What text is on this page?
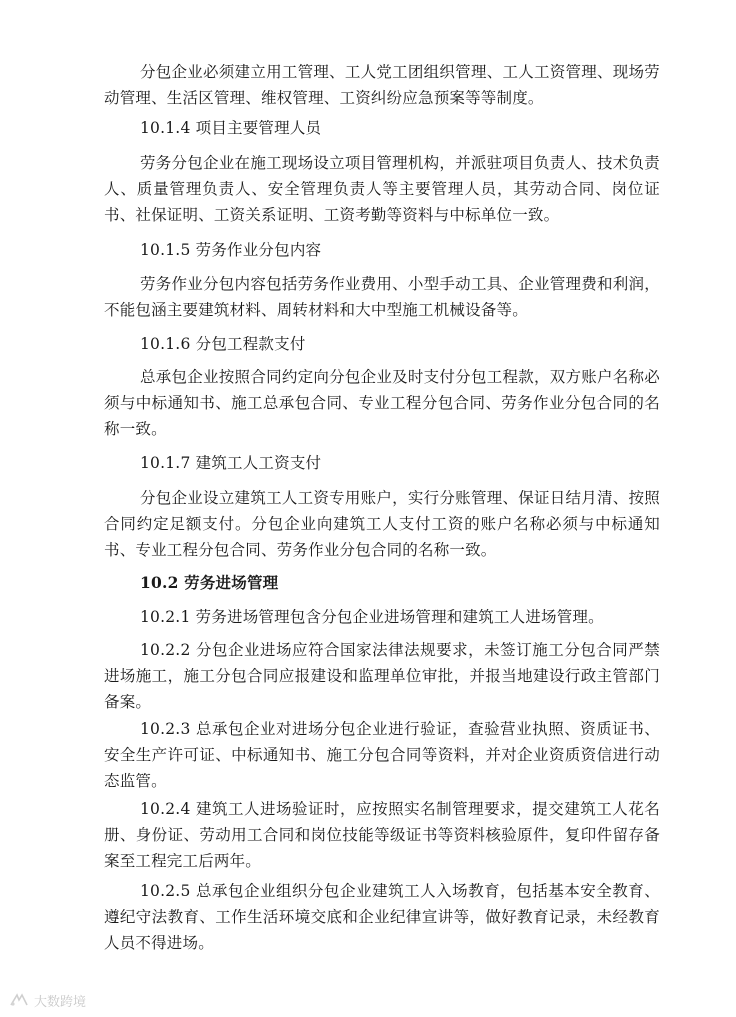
分包企业必须建立用工管理、工人党工团组织管理、工人工资管理、现场劳动管理、生活区管理、维权管理、工资纠纷应急预案等等制度。

10.1.4 项目主要管理人员

劳务分包企业在施工现场设立项目管理机构，并派驻项目负责人、技术负责人、质量管理负责人、安全管理负责人等主要管理人员，其劳动合同、岗位证书、社保证明、工资关系证明、工资考勤等资料与中标单位一致。

10.1.5 劳务作业分包内容

劳务作业分包内容包括劳务作业费用、小型手动工具、企业管理费和利润，不能包涵主要建筑材料、周转材料和大中型施工机械设备等。

10.1.6 分包工程款支付

总承包企业按照合同约定向分包企业及时支付分包工程款，双方账户名称必须与中标通知书、施工总承包合同、专业工程分包合同、劳务作业分包合同的名称一致。

10.1.7 建筑工人工资支付

分包企业设立建筑工人工资专用账户，实行分账管理、保证日结月清、按照合同约定足额支付。分包企业向建筑工人支付工资的账户名称必须与中标通知书、专业工程分包合同、劳务作业分包合同的名称一致。

10.2 劳务进场管理

10.2.1 劳务进场管理包含分包企业进场管理和建筑工人进场管理。

10.2.2 分包企业进场应符合国家法律法规要求，未签订施工分包合同严禁进场施工，施工分包合同应报建设和监理单位审批，并报当地建设行政主管部门备案。

10.2.3 总承包企业对进场分包企业进行验证，查验营业执照、资质证书、安全生产许可证、中标通知书、施工分包合同等资料，并对企业资质资信进行动态监管。

10.2.4 建筑工人进场验证时，应按照实名制管理要求，提交建筑工人花名册、身份证、劳动用工合同和岗位技能等级证书等资料核验原件，复印件留存备案至工程完工后两年。

10.2.5 总承包企业组织分包企业建筑工人入场教育，包括基本安全教育、遵纪守法教育、工作生活环境交底和企业纪律宣讲等，做好教育记录，未经教育人员不得进场。

大数跨境
